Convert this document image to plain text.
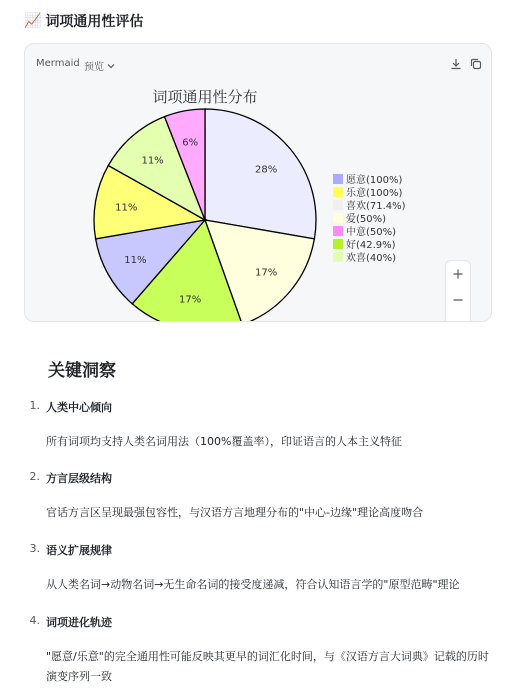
📈 词项通用性评估
Mermaid 预览
词项通用性分布
28%
17%
17%
11%
11%
11%
6%
愿意(100%)
乐意(100%)
喜欢(71.4%)
爱(50%)
中意(50%)
好(42.9%)
欢喜(40%)
关键洞察
1. 人类中心倾向
所有词项均支持人类名词用法（100%覆盖率），印证语言的人本主义特征
2. 方言层级结构
官话方言区呈现最强包容性，与汉语方言地理分布的"中心-边缘"理论高度吻合
3. 语义扩展规律
从人类名词→动物名词→无生命名词的接受度递减，符合认知语言学的"原型范畴"理论
4. 词项进化轨迹
"愿意/乐意"的完全通用性可能反映其更早的词汇化时间，与《汉语方言大词典》记载的历时演变序列一致
